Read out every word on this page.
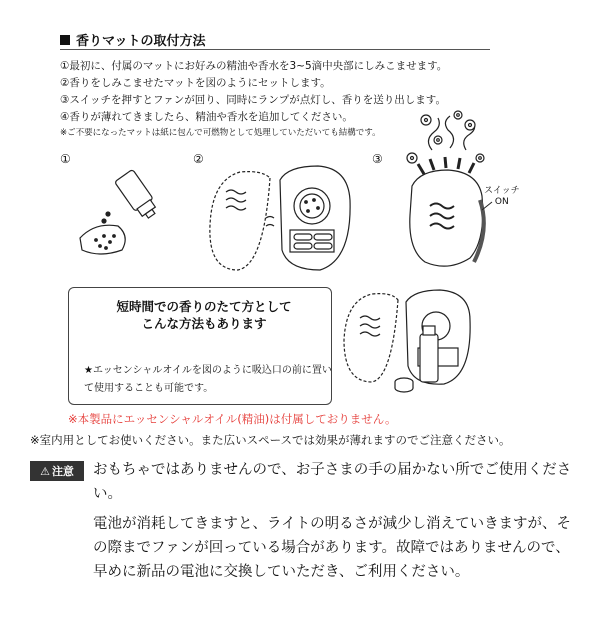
香りマットの取付方法
①最初に、付属のマットにお好みの精油や香水を3~5滴中央部にしみこませます。
②香りをしみこませたマットを図のようにセットします。
③スイッチを押すとファンが回り、同時にランプが点灯し、香りを送り出します。
④香りが薄れてきましたら、精油や香水を追加してください。
※ご不要になったマットは紙に包んで可燃物として処理していただいても結構です。
①	②	③
スイッチ
ON
短時間での香りのたて方として
こんな方法もあります
★エッセンシャルオイルを図のように吸込口の前に置いて使用することも可能です。
※本製品にエッセンシャルオイル(精油)は付属しておりません。
※室内用としてお使いください。また広いスペースでは効果が薄れますのでご注意ください。
⚠ 注意 おもちゃではありませんので、お子さまの手の届かない所でご使用ください。
電池が消耗してきますと、ライトの明るさが減少し消えていきますが、その際までファンが回っている場合があります。故障ではありませんので、早めに新品の電池に交換していただき、ご利用ください。
